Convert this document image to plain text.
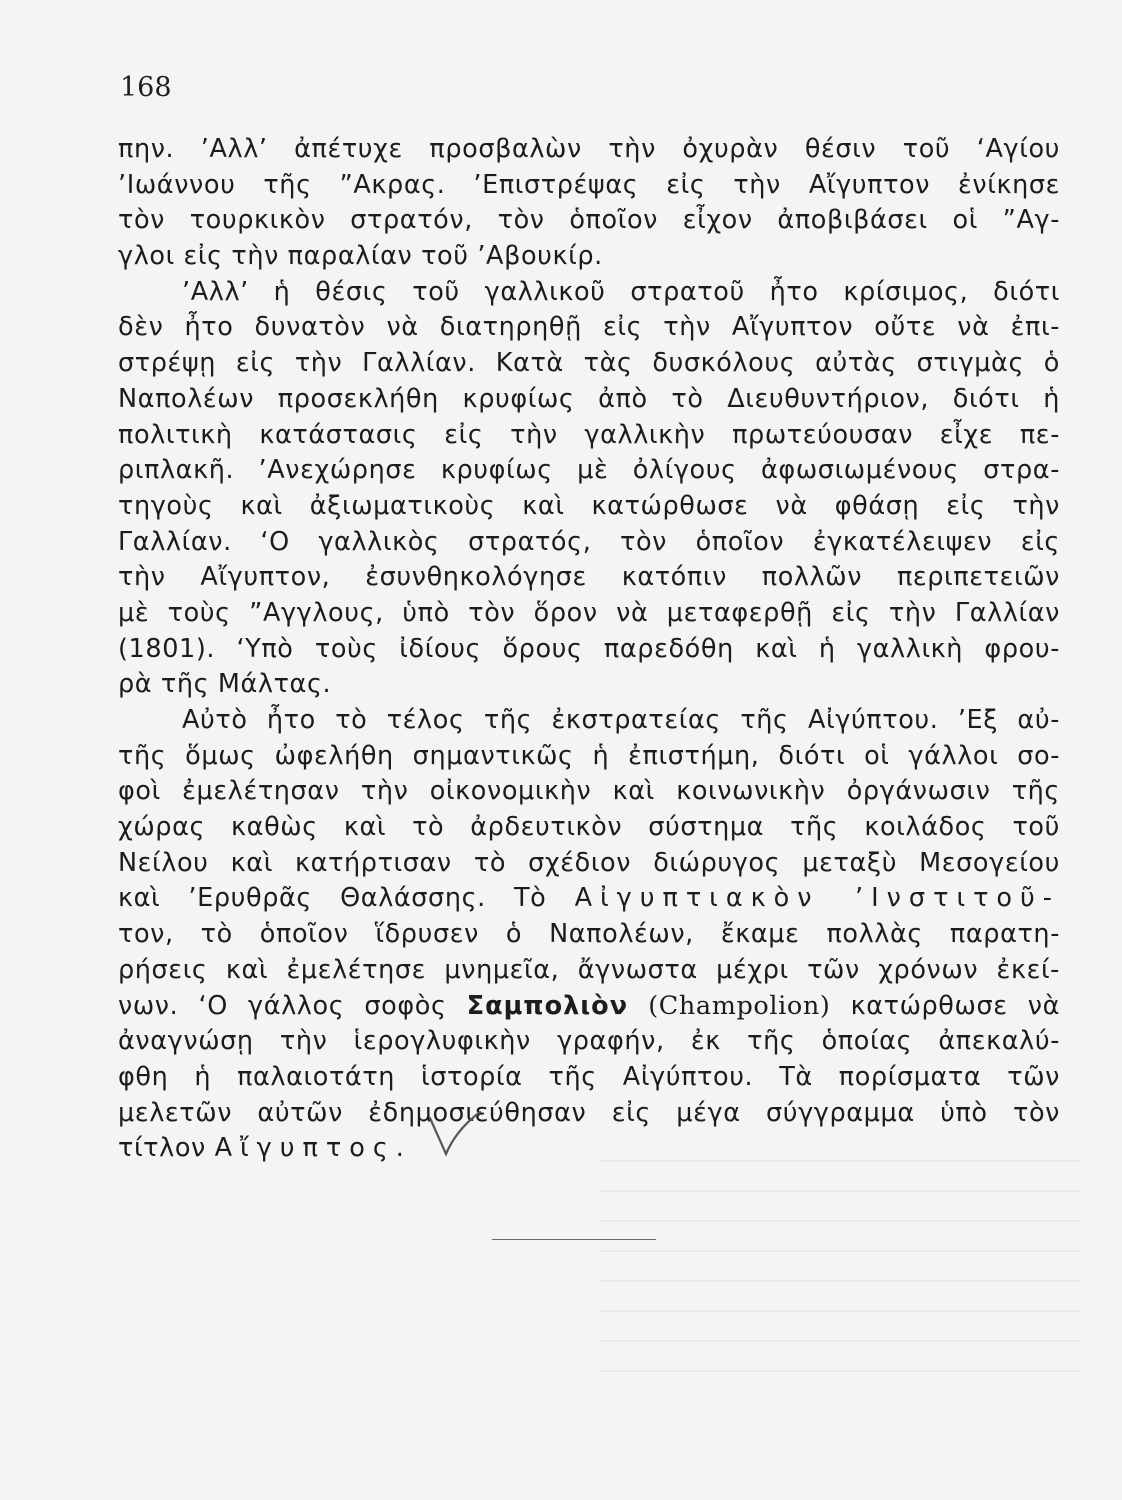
168
πην. ’Αλλ’ ἀπέτυχε προσβαλὼν τὴν ὀχυρὰν θέσιν τοῦ ‘Αγίου
’Ιωάννου τῆς ”Ακρας. ’Επιστρέψας εἰς τὴν Αἴγυπτον ἐνίκησε
τὸν τουρκικὸν στρατόν, τὸν ὁποῖον εἶχον ἀποβιβάσει οἱ ”Αγ-
γλοι εἰς τὴν παραλίαν τοῦ ’Αβουκίρ.
’Αλλ’ ἡ θέσις τοῦ γαλλικοῦ στρατοῦ ἦτο κρίσιμος, διότι
δὲν ἦτο δυνατὸν νὰ διατηρηθῇ εἰς τὴν Αἴγυπτον οὔτε νὰ ἐπι-
στρέψῃ εἰς τὴν Γαλλίαν. Κατὰ τὰς δυσκόλους αὐτὰς στιγμὰς ὁ
Ναπολέων προσεκλήθη κρυφίως ἀπὸ τὸ Διευθυντήριον, διότι ἡ
πολιτικὴ κατάστασις εἰς τὴν γαλλικὴν πρωτεύουσαν εἶχε πε-
ριπλακῆ. ’Ανεχώρησε κρυφίως μὲ ὀλίγους ἀφωσιωμένους στρα-
τηγοὺς καὶ ἀξιωματικοὺς καὶ κατώρθωσε νὰ φθάσῃ εἰς τὴν
Γαλλίαν. ‘Ο γαλλικὸς στρατός, τὸν ὁποῖον ἐγκατέλειψεν εἰς
τὴν Αἴγυπτον, ἐσυνθηκολόγησε κατόπιν πολλῶν περιπετειῶν
μὲ τοὺς ”Αγγλους, ὑπὸ τὸν ὅρον νὰ μεταφερθῇ εἰς τὴν Γαλλίαν
(1801). ‘Υπὸ τοὺς ἰδίους ὅρους παρεδόθη καὶ ἡ γαλλικὴ φρου-
ρὰ τῆς Μάλτας.
Αὐτὸ ἦτο τὸ τέλος τῆς ἐκστρατείας τῆς Αἰγύπτου. ’Εξ αὐ-
τῆς ὅμως ὠφελήθη σημαντικῶς ἡ ἐπιστήμη, διότι οἱ γάλλοι σο-
φοὶ ἐμελέτησαν τὴν οἰκονομικὴν καὶ κοινωνικὴν ὀργάνωσιν τῆς
χώρας καθὼς καὶ τὸ ἀρδευτικὸν σύστημα τῆς κοιλάδος τοῦ
Νείλου καὶ κατήρτισαν τὸ σχέδιον διώρυγος μεταξὺ Μεσογείου
καὶ ’Ερυθρᾶς Θαλάσσης. Τὸ Αἰγυπτιακὸν ’Ινστιτοῦ-
τον, τὸ ὁποῖον ἵδρυσεν ὁ Ναπολέων, ἔκαμε πολλὰς παρατη-
ρήσεις καὶ ἐμελέτησε μνημεῖα, ἄγνωστα μέχρι τῶν χρόνων ἐκεί-
νων. ‘Ο γάλλος σοφὸς Σαμπολιὸν (Champolion) κατώρθωσε νὰ
ἀναγνώσῃ τὴν ἱερογλυφικὴν γραφήν, ἐκ τῆς ὁποίας ἀπεκαλύ-
φθη ἡ παλαιοτάτη ἱστορία τῆς Αἰγύπτου. Τὰ πορίσματα τῶν
μελετῶν αὐτῶν ἐδημοσιεύθησαν εἰς μέγα σύγγραμμα ὑπὸ τὸν
τίτλον Αἴγυπτος.
